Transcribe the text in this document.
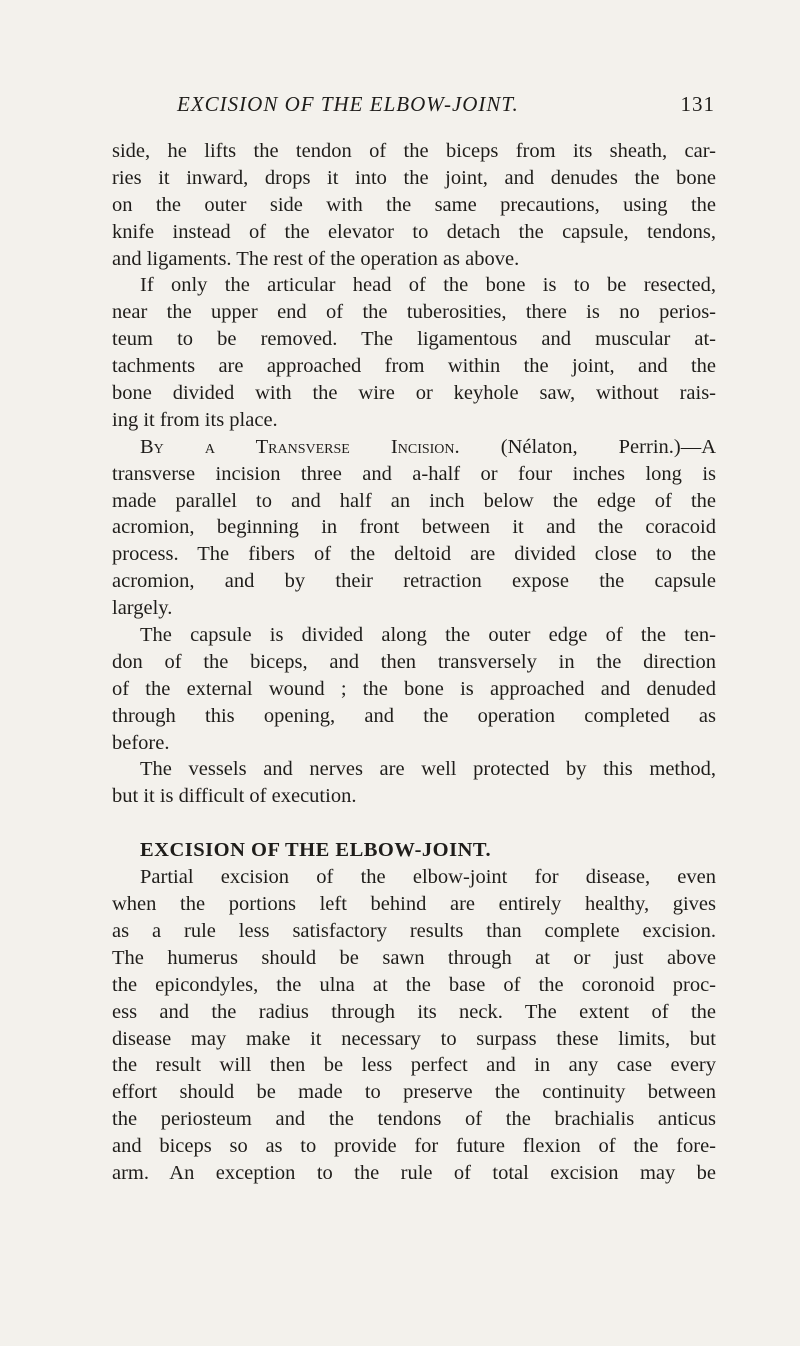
EXCISION OF THE ELBOW-JOINT.	131
side, he lifts the tendon of the biceps from its sheath, car-
ries it inward, drops it into the joint, and denudes the bone
on the outer side with the same precautions, using the
knife instead of the elevator to detach the capsule, tendons,
and ligaments. The rest of the operation as above.
If only the articular head of the bone is to be resected,
near the upper end of the tuberosities, there is no perios-
teum to be removed. The ligamentous and muscular at-
tachments are approached from within the joint, and the
bone divided with the wire or keyhole saw, without rais-
ing it from its place.
By a Transverse Incision. (Nélaton, Perrin.)—A
transverse incision three and a-half or four inches long is
made parallel to and half an inch below the edge of the
acromion, beginning in front between it and the coracoid
process. The fibers of the deltoid are divided close to the
acromion, and by their retraction expose the capsule
largely.
The capsule is divided along the outer edge of the ten-
don of the biceps, and then transversely in the direction
of the external wound ; the bone is approached and denuded
through this opening, and the operation completed as
before.
The vessels and nerves are well protected by this method,
but it is difficult of execution.
EXCISION OF THE ELBOW-JOINT.
Partial excision of the elbow-joint for disease, even
when the portions left behind are entirely healthy, gives
as a rule less satisfactory results than complete excision.
The humerus should be sawn through at or just above
the epicondyles, the ulna at the base of the coronoid proc-
ess and the radius through its neck. The extent of the
disease may make it necessary to surpass these limits, but
the result will then be less perfect and in any case every
effort should be made to preserve the continuity between
the periosteum and the tendons of the brachialis anticus
and biceps so as to provide for future flexion of the fore-
arm. An exception to the rule of total excision may be
